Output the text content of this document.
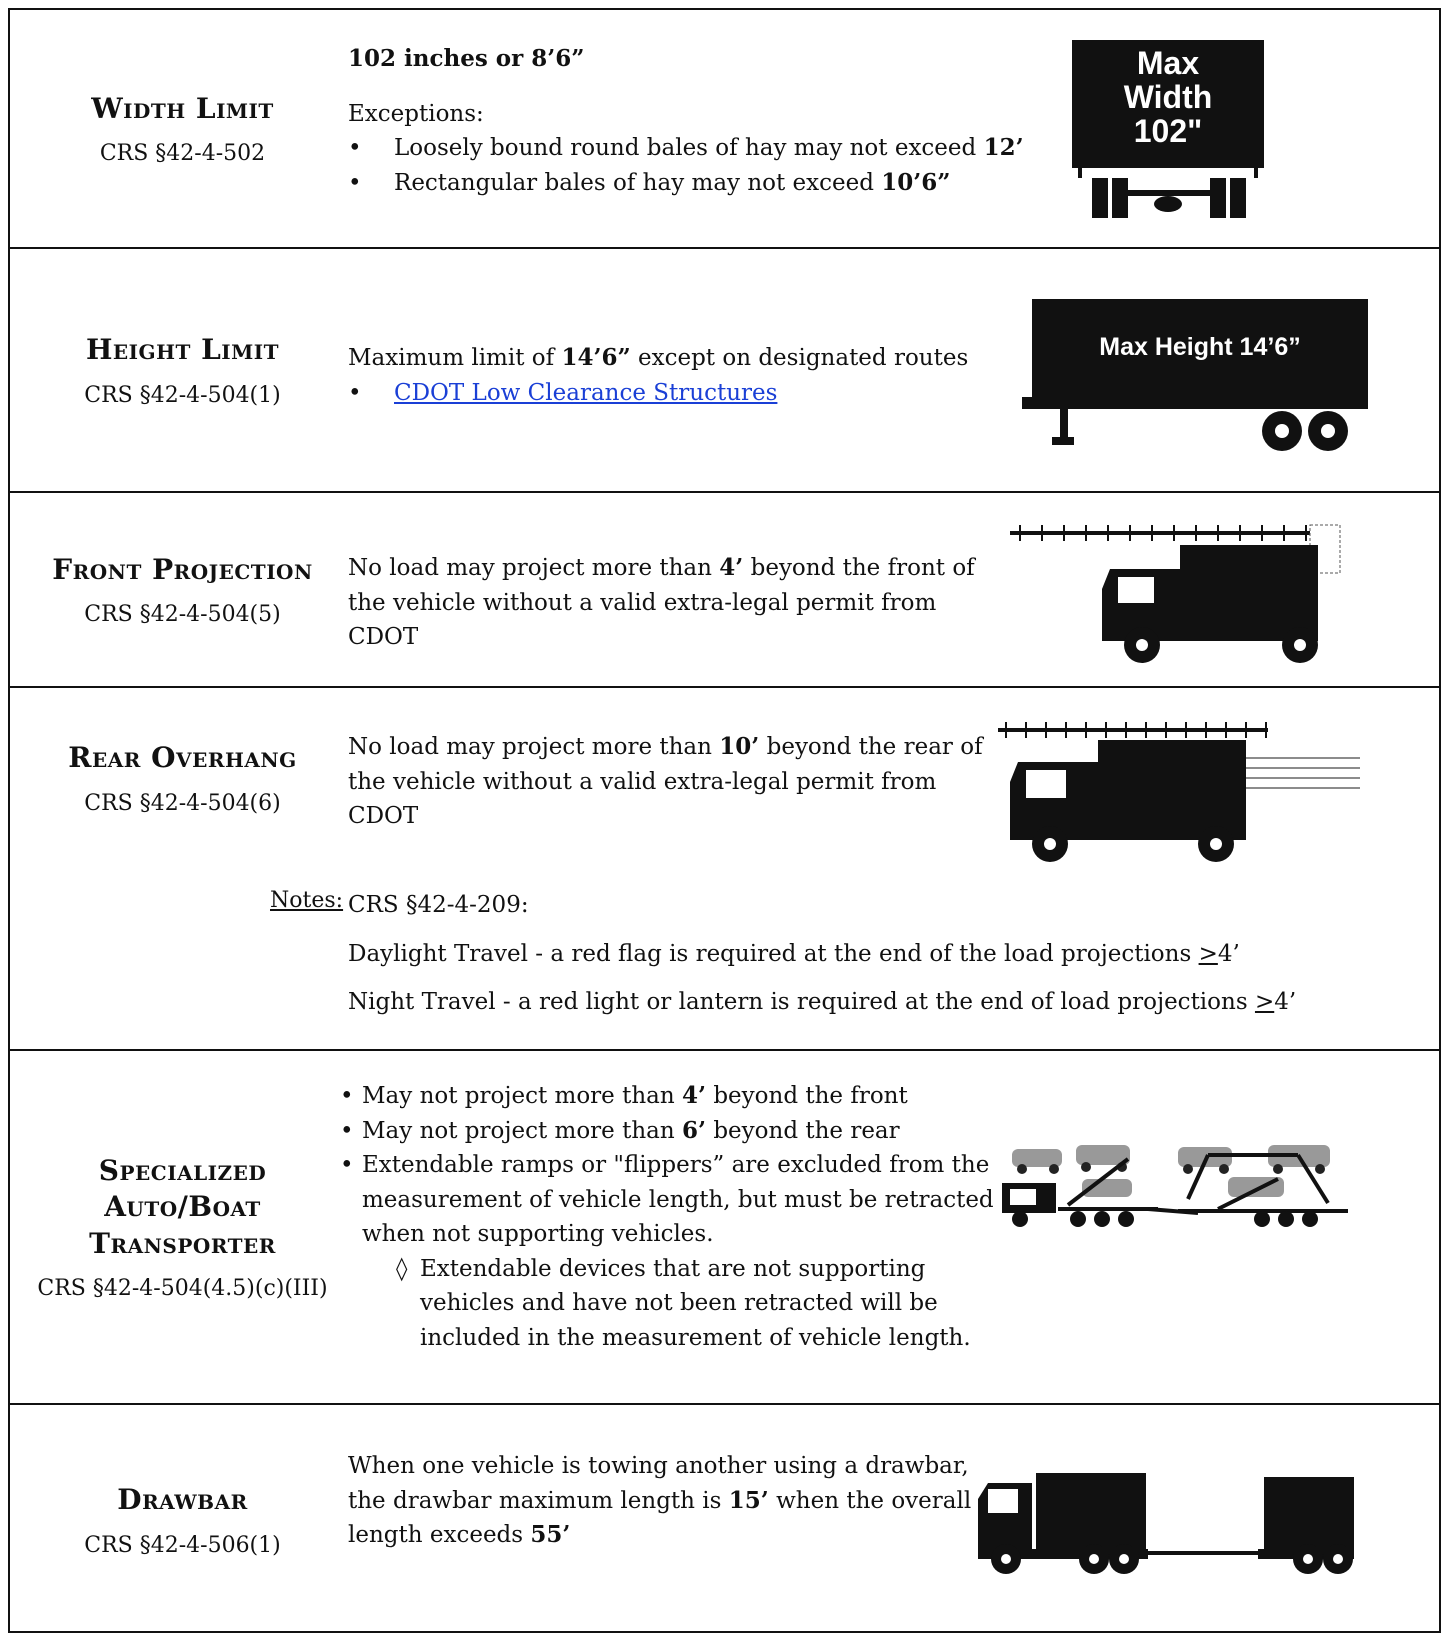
Width Limit
CRS §42-4-502
102 inches or 8’6”
Exceptions:
• Loosely bound round bales of hay may not exceed 12’
• Rectangular bales of hay may not exceed 10’6”
Max
Width
102"
Height Limit
CRS §42-4-504(1)
Maximum limit of 14’6” except on designated routes
• CDOT Low Clearance Structures
Max Height 14’6”
Front Projection
CRS §42-4-504(5)
No load may project more than 4’ beyond the front of the vehicle without a valid extra-legal permit from CDOT
Rear Overhang
CRS §42-4-504(6)
No load may project more than 10’ beyond the rear of the vehicle without a valid extra-legal permit from CDOT
Notes: CRS §42-4-209:
Daylight Travel - a red flag is required at the end of the load projections >4’
Night Travel - a red light or lantern is required at the end of load projections >4’
Specialized
Auto/Boat
Transporter
CRS §42-4-504(4.5)(c)(III)
• May not project more than 4’ beyond the front
• May not project more than 6’ beyond the rear
• Extendable ramps or "flippers” are excluded from the measurement of vehicle length, but must be retracted when not supporting vehicles.
◊ Extendable devices that are not supporting vehicles and have not been retracted will be included in the measurement of vehicle length.
Drawbar
CRS §42-4-506(1)
When one vehicle is towing another using a drawbar, the drawbar maximum length is 15’ when the overall length exceeds 55’
